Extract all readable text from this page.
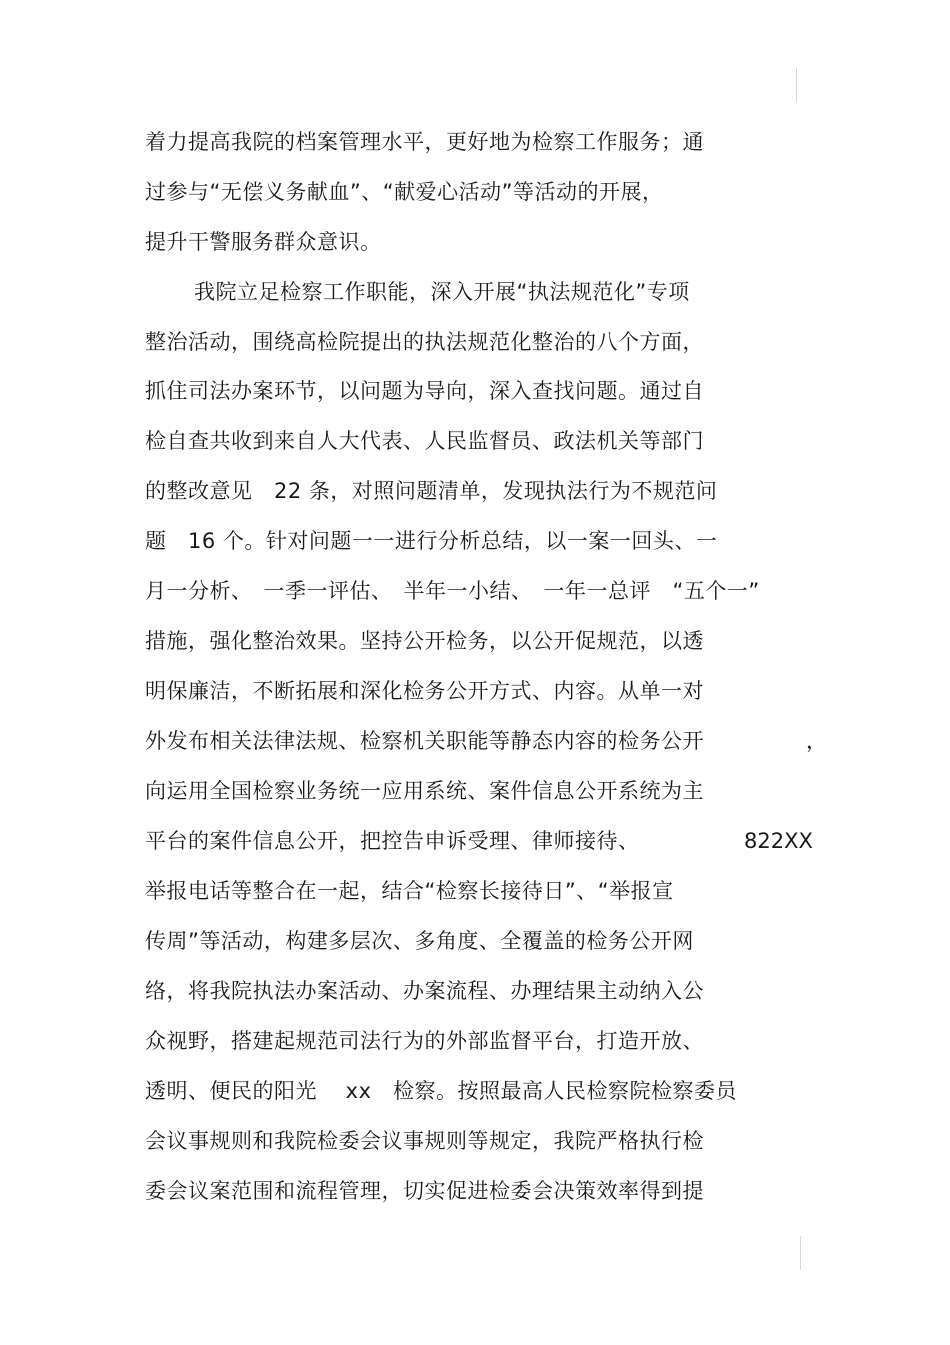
着力提高我院的档案管理水平，更好地为检察工作服务；通
过参与“无偿义务献血”、“献爱心活动”等活动的开展，
提升干警服务群众意识。
我院立足检察工作职能，深入开展“执法规范化”专项
整治活动，围绕高检院提出的执法规范化整治的八个方面，
抓住司法办案环节，以问题为导向，深入查找问题。通过自
检自查共收到来自人大代表、人民监督员、政法机关等部门
的整改意见　22 条，对照问题清单，发现执法行为不规范问
题　16 个。针对问题一一进行分析总结，以一案一回头、一
月一分析、　一季一评估、　半年一小结、　一年一总评　“五个一”
措施，强化整治效果。坚持公开检务，以公开促规范，以透
明保廉洁，不断拓展和深化检务公开方式、内容。从单一对
外发布相关法律法规、检察机关职能等静态内容的检务公开	，
向运用全国检察业务统一应用系统、案件信息公开系统为主
平台的案件信息公开，把控告申诉受理、律师接待、	822XX
举报电话等整合在一起，结合“检察长接待日”、“举报宣
传周”等活动，构建多层次、多角度、全覆盖的检务公开网
络，将我院执法办案活动、办案流程、办理结果主动纳入公
众视野，搭建起规范司法行为的外部监督平台，打造开放、
透明、便民的阳光　 xx　检察。按照最高人民检察院检察委员
会议事规则和我院检委会议事规则等规定，我院严格执行检
委会议案范围和流程管理，切实促进检委会决策效率得到提
